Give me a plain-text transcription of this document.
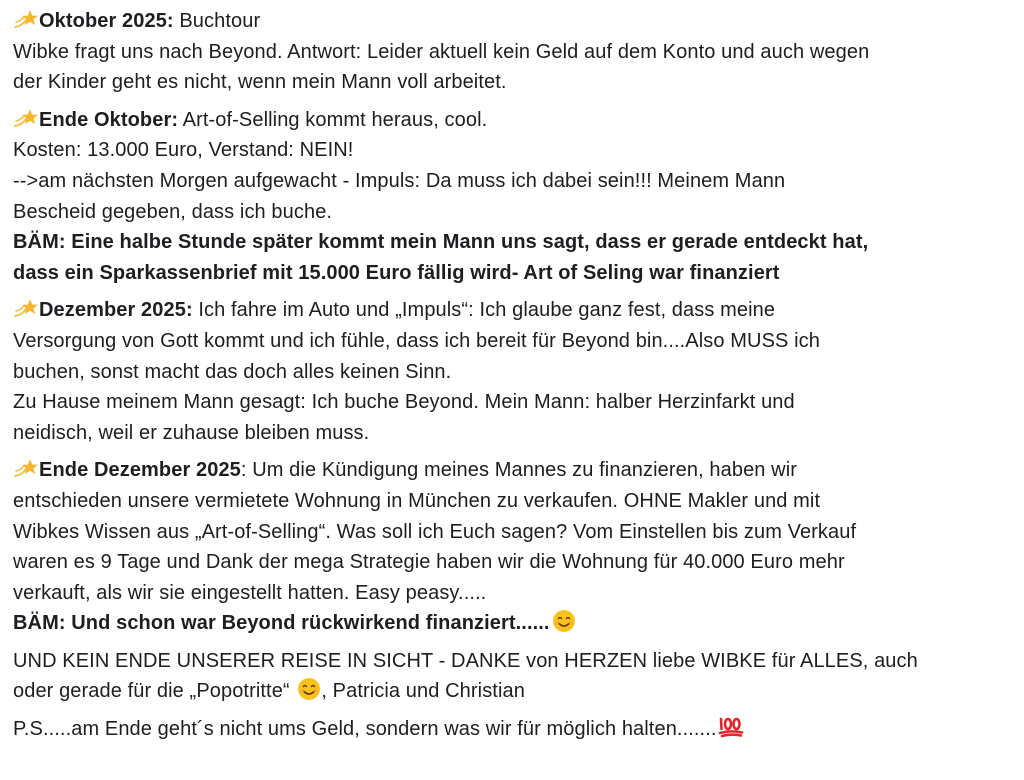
Oktober 2025: Buchtour
Wibke fragt uns nach Beyond. Antwort: Leider aktuell kein Geld auf dem Konto und auch wegen
der Kinder geht es nicht, wenn mein Mann voll arbeitet.
Ende Oktober: Art-of-Selling kommt heraus, cool.
Kosten: 13.000 Euro, Verstand: NEIN!
-->am nächsten Morgen aufgewacht - Impuls: Da muss ich dabei sein!!! Meinem Mann
Bescheid gegeben, dass ich buche.
BÄM: Eine halbe Stunde später kommt mein Mann uns sagt, dass er gerade entdeckt hat,
dass ein Sparkassenbrief mit 15.000 Euro fällig wird- Art of Seling war finanziert
Dezember 2025: Ich fahre im Auto und „Impuls“: Ich glaube ganz fest, dass meine
Versorgung von Gott kommt und ich fühle, dass ich bereit für Beyond bin....Also MUSS ich
buchen, sonst macht das doch alles keinen Sinn.
Zu Hause meinem Mann gesagt: Ich buche Beyond. Mein Mann: halber Herzinfarkt und
neidisch, weil er zuhause bleiben muss.
Ende Dezember 2025: Um die Kündigung meines Mannes zu finanzieren, haben wir
entschieden unsere vermietete Wohnung in München zu verkaufen. OHNE Makler und mit
Wibkes Wissen aus „Art-of-Selling“. Was soll ich Euch sagen? Vom Einstellen bis zum Verkauf
waren es 9 Tage und Dank der mega Strategie haben wir die Wohnung für 40.000 Euro mehr
verkauft, als wir sie eingestellt hatten. Easy peasy.....
BÄM: Und schon war Beyond rückwirkend finanziert......
UND KEIN ENDE UNSERER REISE IN SICHT - DANKE von HERZEN liebe WIBKE für ALLES, auch
oder gerade für die „Popotritte“ , Patricia und Christian
P.S.....am Ende geht´s nicht ums Geld, sondern was wir für möglich halten.......
